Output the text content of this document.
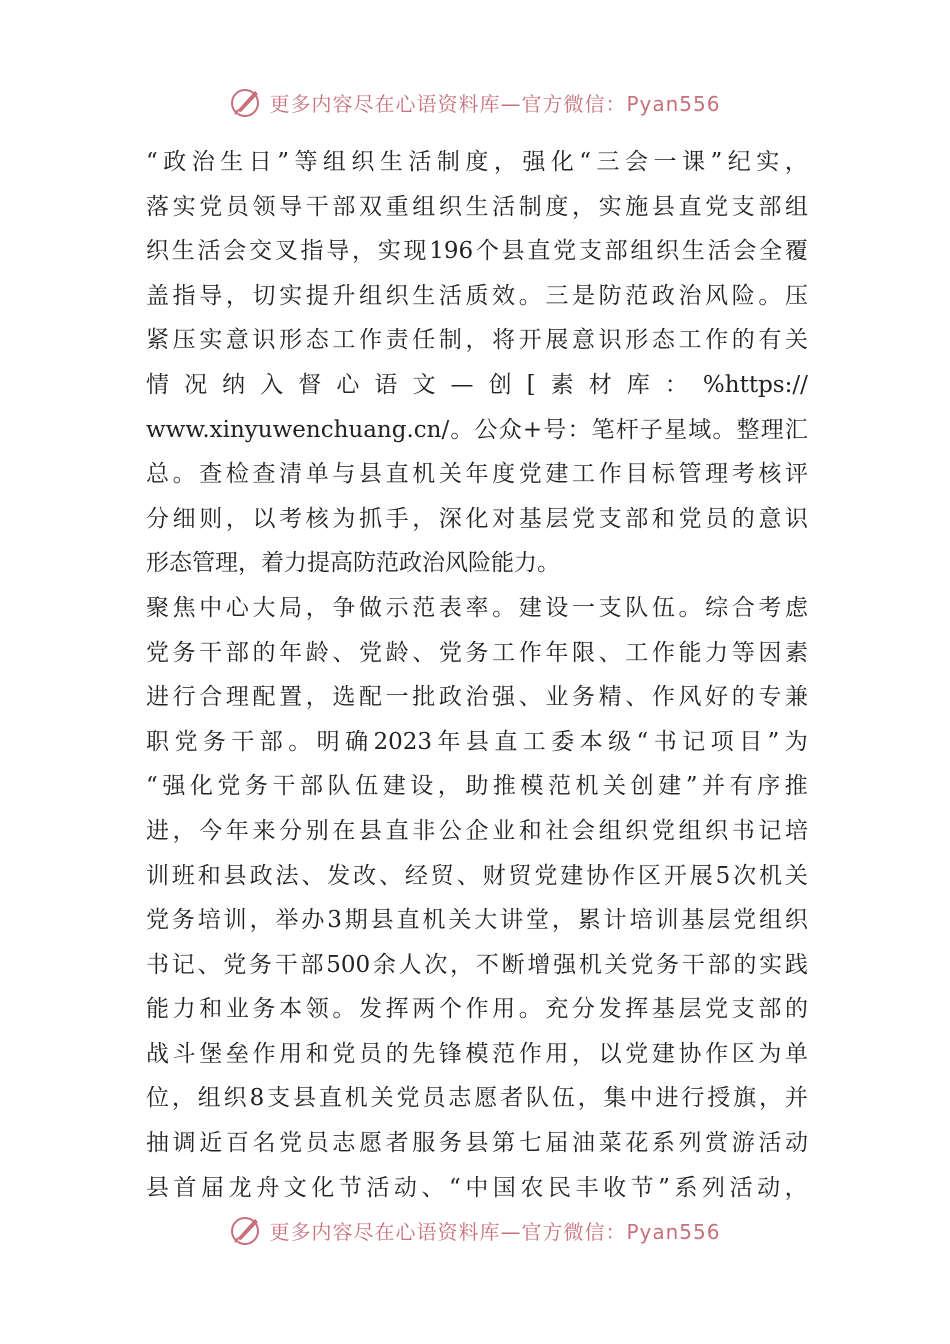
更多内容尽在心语资料库—官方微信：Pyan556
“ 政 治 生 日 ” 等 组 织 生 活 制 度 ， 强 化 “ 三 会 一 课 ” 纪 实 ，
落 实 党 员 领 导 干 部 双 重 组 织 生 活 制 度 ， 实 施 县 直 党 支 部 组
织 生 活 会 交 叉 指 导 ， 实 现 196 个 县 直 党 支 部 组 织 生 活 会 全 覆
盖 指 导 ， 切 实 提 升 组 织 生 活 质 效 。 三 是 防 范 政 治 风 险 。 压
紧 压 实 意 识 形 态 工 作 责 任 制 ， 将 开 展 意 识 形 态 工 作 的 有 关
情 况 纳 入 督 心 语 文 — 创 [ 素 材 库 ： %https://
www.xinyuwenchuang.cn/ 。 公 众 + 号 ： 笔 杆 子 星 域 。 整 理 汇
总 。 查 检 查 清 单 与 县 直 机 关 年 度 党 建 工 作 目 标 管 理 考 核 评
分 细 则 ， 以 考 核 为 抓 手 ， 深 化 对 基 层 党 支 部 和 党 员 的 意 识
形态管理，着力提高防范政治风险能力。
聚 焦 中 心 大 局 ， 争 做 示 范 表 率 。 建 设 一 支 队 伍 。 综 合 考 虑
党 务 干 部 的 年 龄 、 党 龄 、 党 务 工 作 年 限 、 工 作 能 力 等 因 素
进 行 合 理 配 置 ， 选 配 一 批 政 治 强 、 业 务 精 、 作 风 好 的 专 兼
职 党 务 干 部 。 明 确 2023 年 县 直 工 委 本 级 “ 书 记 项 目 ” 为
“ 强 化 党 务 干 部 队 伍 建 设 ， 助 推 模 范 机 关 创 建 ” 并 有 序 推
进 ， 今 年 来 分 别 在 县 直 非 公 企 业 和 社 会 组 织 党 组 织 书 记 培
训 班 和 县 政 法 、 发 改 、 经 贸 、 财 贸 党 建 协 作 区 开 展 5 次 机 关
党 务 培 训 ， 举 办 3 期 县 直 机 关 大 讲 堂 ， 累 计 培 训 基 层 党 组 织
书 记 、 党 务 干 部 500 余 人 次 ， 不 断 增 强 机 关 党 务 干 部 的 实 践
能 力 和 业 务 本 领 。 发 挥 两 个 作 用 。 充 分 发 挥 基 层 党 支 部 的
战 斗 堡 垒 作 用 和 党 员 的 先 锋 模 范 作 用 ， 以 党 建 协 作 区 为 单
位 ， 组 织 8 支 县 直 机 关 党 员 志 愿 者 队 伍 ， 集 中 进 行 授 旗 ， 并
抽 调 近 百 名 党 员 志 愿 者 服 务 县 第 七 届 油 菜 花 系 列 赏 游 活 动
县 首 届 龙 舟 文 化 节 活 动 、 “ 中 国 农 民 丰 收 节 ” 系 列 活 动 ，
更多内容尽在心语资料库—官方微信：Pyan556
